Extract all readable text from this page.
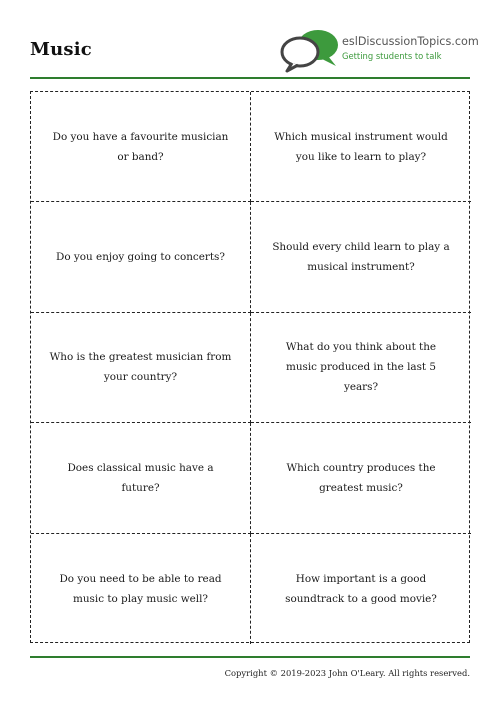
Music	eslDiscussionTopics.com
Getting students to talk
Do you have a favourite musician or band?
Which musical instrument would you like to learn to play?
Do you enjoy going to concerts?
Should every child learn to play a musical instrument?
Who is the greatest musician from your country?
What do you think about the music produced in the last 5 years?
Does classical music have a future?
Which country produces the greatest music?
Do you need to be able to read music to play music well?
How important is a good soundtrack to a good movie?
Copyright © 2019-2023 John O'Leary. All rights reserved.
